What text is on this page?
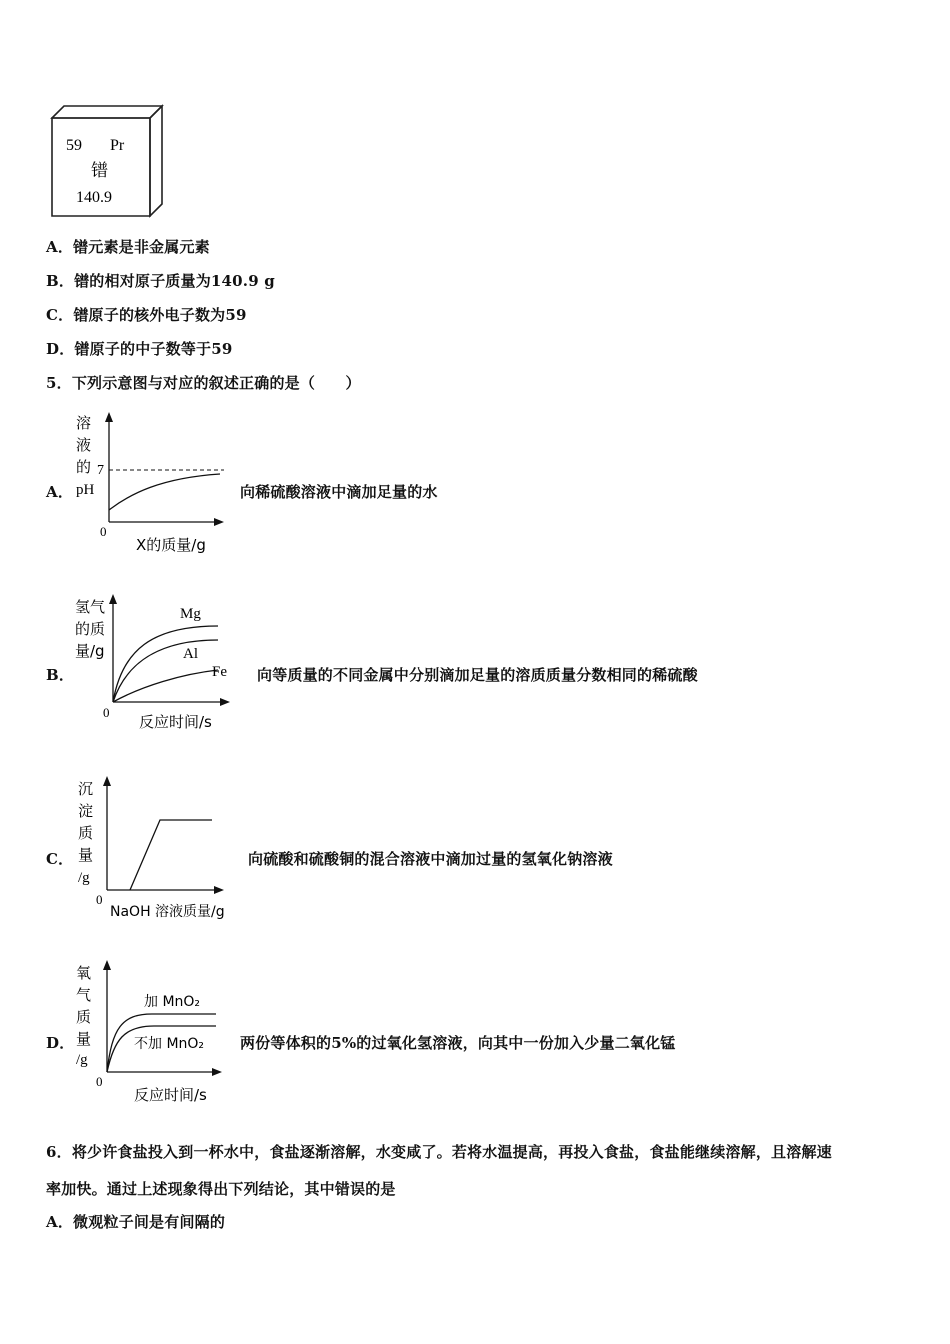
59 Pr
镨
140.9
A．镨元素是非金属元素
B．镨的相对原子质量为140.9 g
C．镨原子的核外电子数为59
D．镨原子的中子数等于59
5．下列示意图与对应的叙述正确的是（　　）
A．
溶
液
的
pH
7
0
X的质量/g
向稀硫酸溶液中滴加足量的水
B．
氢气
的质
量/g
Mg
Al
Fe
0
反应时间/s
向等质量的不同金属中分别滴加足量的溶质质量分数相同的稀硫酸
C．
沉
淀
质
量
/g
0
NaOH 溶液质量/g
向硫酸和硫酸铜的混合溶液中滴加过量的氢氧化钠溶液
D．
氧
气
质
量
/g
加 MnO₂
不加 MnO₂
0
反应时间/s
两份等体积的5%的过氧化氢溶液，向其中一份加入少量二氧化锰
6．将少许食盐投入到一杯水中，食盐逐渐溶解，水变咸了。若将水温提高，再投入食盐，食盐能继续溶解，且溶解速
率加快。通过上述现象得出下列结论，其中错误的是
A．微观粒子间是有间隔的
